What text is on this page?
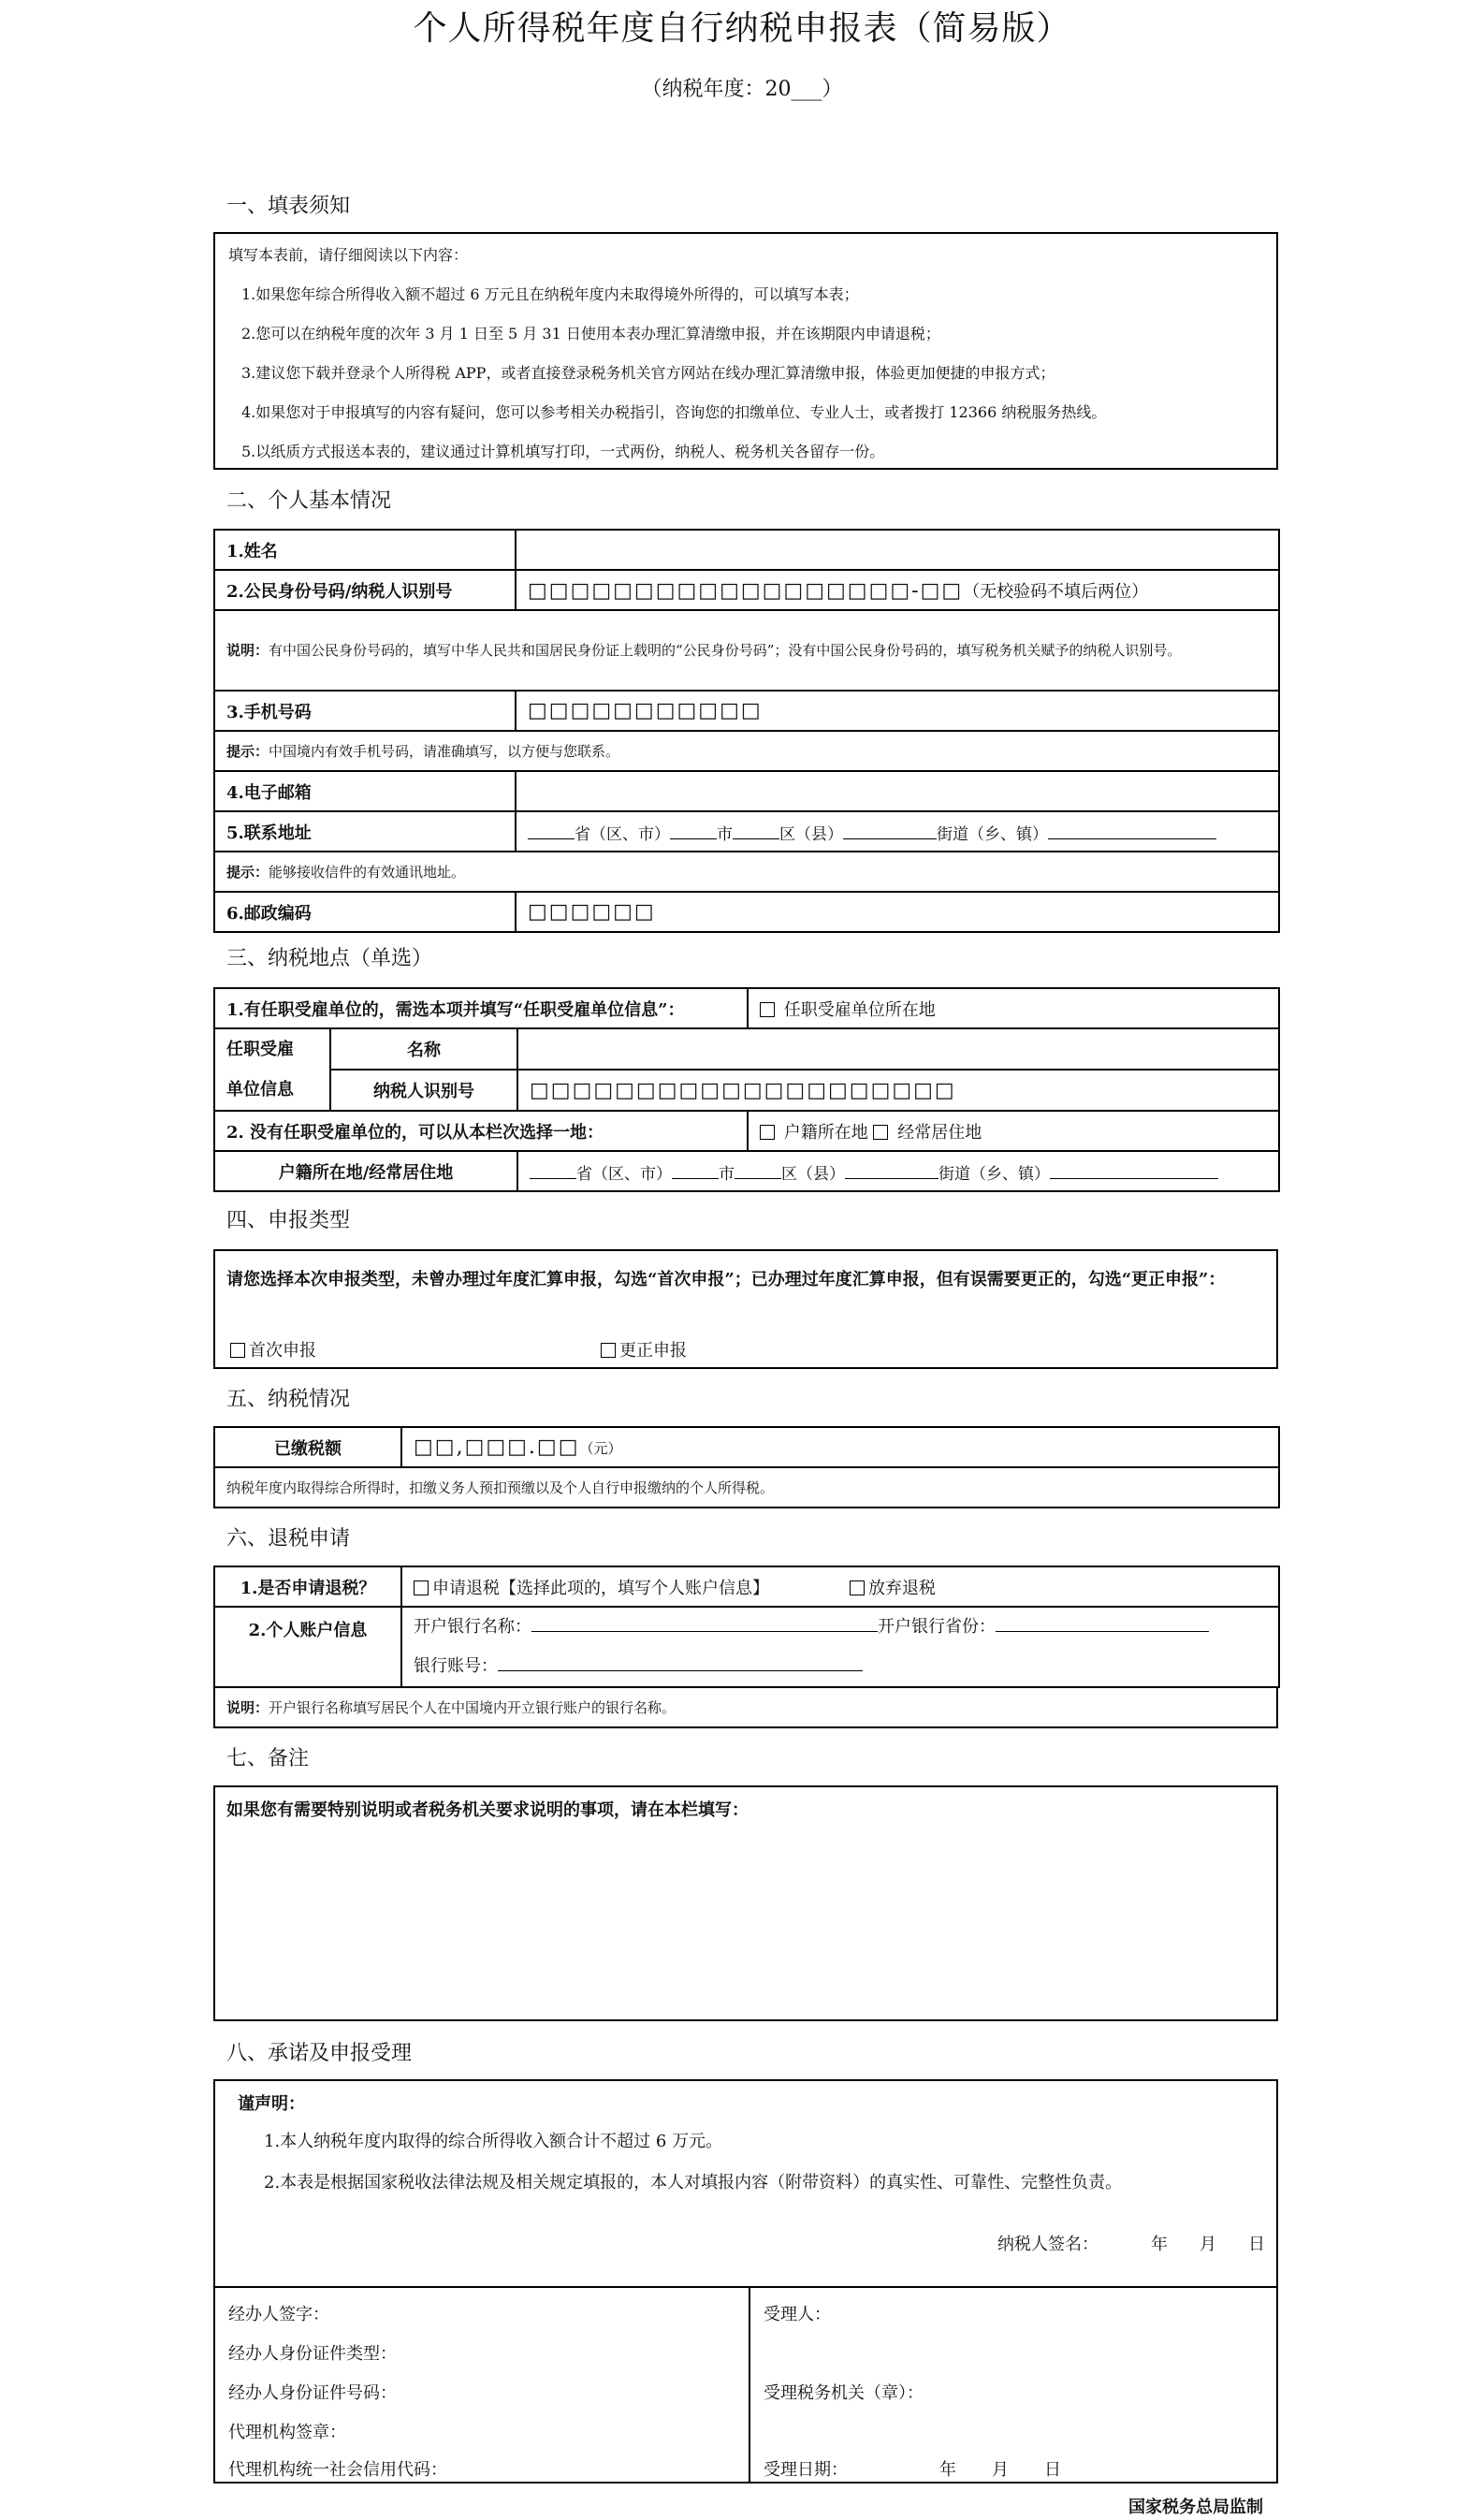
个人所得税年度自行纳税申报表（简易版）
（纳税年度：20___）
一、填表须知
填写本表前，请仔细阅读以下内容：
1.如果您年综合所得收入额不超过 6 万元且在纳税年度内未取得境外所得的，可以填写本表；
2.您可以在纳税年度的次年 3 月 1 日至 5 月 31 日使用本表办理汇算清缴申报，并在该期限内申请退税；
3.建议您下载并登录个人所得税 APP，或者直接登录税务机关官方网站在线办理汇算清缴申报，体验更加便捷的申报方式；
4.如果您对于申报填写的内容有疑问，您可以参考相关办税指引，咨询您的扣缴单位、专业人士，或者拨打 12366 纳税服务热线。
5.以纸质方式报送本表的，建议通过计算机填写打印，一式两份，纳税人、税务机关各留存一份。
二、个人基本情况
1.姓名	
2.公民身份号码/纳税人识别号	□□□□□□□□□□□□□□□□□□-□□（无校验码不填后两位）
说明：有中国公民身份号码的，填写中华人民共和国居民身份证上载明的“公民身份号码”；没有中国公民身份号码的，填写税务机关赋予的纳税人识别号。	
3.手机号码	□□□□□□□□□□□
提示：中国境内有效手机号码，请准确填写，以方便与您联系。	
4.电子邮箱	
5.联系地址	省（区、市） 市 区（县） 街道（乡、镇）
提示：能够接收信件的有效通讯地址。	
6.邮政编码	□□□□□□
三、纳税地点（单选）
1.有任职受雇单位的，需选本项并填写“任职受雇单位信息”：			任职受雇单位所在地
任职受雇
单位信息	名称		
	纳税人识别号	□□□□□□□□□□□□□□□□□□□□	
2. 没有任职受雇单位的，可以从本栏次选择一地：			户籍所在地 经常居住地
户籍所在地/经常居住地		省（区、市） 市 区（县） 街道（乡、镇）	
四、申报类型
请您选择本次申报类型，未曾办理过年度汇算申报，勾选“首次申报”；已办理过年度汇算申报，但有误需要更正的，勾选“更正申报”：
首次申报	更正申报
五、纳税情况
已缴税额	□□,□□□.□□（元）
纳税年度内取得综合所得时，扣缴义务人预扣预缴以及个人自行申报缴纳的个人所得税。
六、退税申请
1.是否申请退税？	申请退税【选择此项的，填写个人账户信息】 放弃退税
2.个人账户信息	开户银行名称： 开户银行省份：
银行账号：
说明：开户银行名称填写居民个人在中国境内开立银行账户的银行名称。
七、备注
如果您有需要特别说明或者税务机关要求说明的事项，请在本栏填写：
八、承诺及申报受理
谨声明：
1.本人纳税年度内取得的综合所得收入额合计不超过 6 万元。
2.本表是根据国家税收法律法规及相关规定填报的，本人对填报内容（附带资料）的真实性、可靠性、完整性负责。
纳税人签名：	年 月 日
经办人签字：
经办人身份证件类型：
经办人身份证件号码：
代理机构签章：
代理机构统一社会信用代码：
受理人：
受理税务机关（章）：
受理日期：	年 月 日
国家税务总局监制
